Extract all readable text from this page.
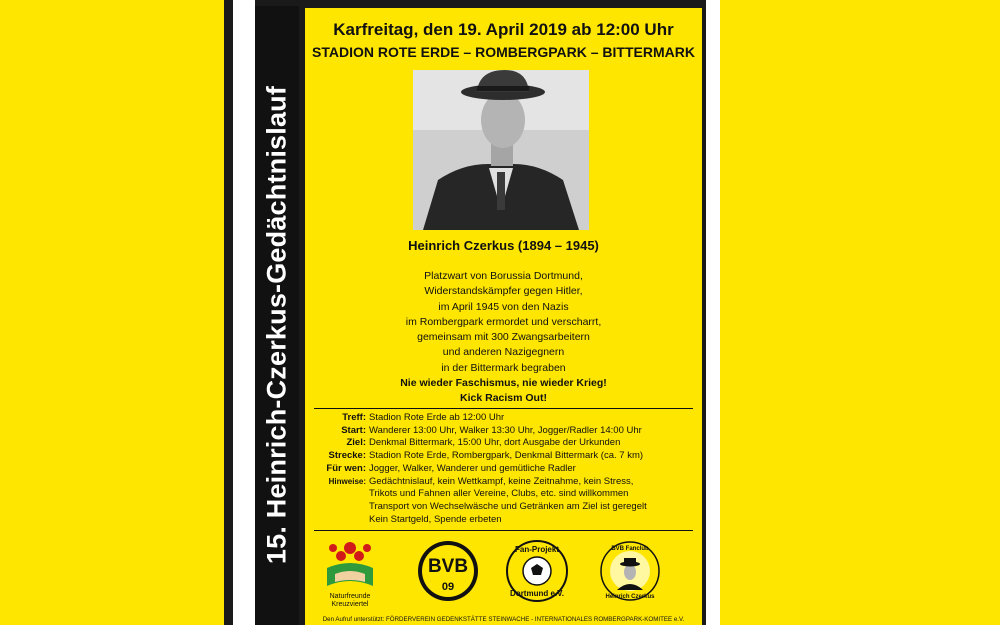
15. Heinrich-Czerkus-Gedächtnislauf
Karfreitag, den 19. April 2019 ab 12:00 Uhr
STADION ROTE ERDE – ROMBERGPARK – BITTERMARK
Heinrich Czerkus (1894 – 1945)
Platzwart von Borussia Dortmund,
Widerstandskämpfer gegen Hitler,
im April 1945 von den Nazis
im Rombergpark ermordet und verscharrt,
gemeinsam mit 300 Zwangsarbeitern
und anderen Nazigegnern
in der Bittermark begraben
Nie wieder Faschismus, nie wieder Krieg!
Kick Racism Out!
Treff: Stadion Rote Erde ab 12:00 Uhr
Start: Wanderer 13:00 Uhr, Walker 13:30 Uhr, Jogger/Radler 14:00 Uhr
Ziel: Denkmal Bittermark, 15:00 Uhr, dort Ausgabe der Urkunden
Strecke: Stadion Rote Erde, Rombergpark, Denkmal Bittermark (ca. 7 km)
Für wen: Jogger, Walker, Wanderer und gemütliche Radler
Hinweise: Gedächtnislauf, kein Wettkampf, keine Zeitnahme, kein Stress,
Trikots und Fahnen aller Vereine, Clubs, etc. sind willkommen
Transport von Wechselwäsche und Getränken am Ziel ist geregelt
Kein Startgeld, Spende erbeten
Naturfreunde
Kreuzviertel
BVB
09
Fan-Projekt
Dortmund e.V.
BVB Fanclub
Heinrich Czerkus
Den Aufruf unterstützt: FÖRDERVEREIN GEDENKSTÄTTE STEINWACHE - INTERNATIONALES ROMBERGPARK-KOMITEE e.V.
